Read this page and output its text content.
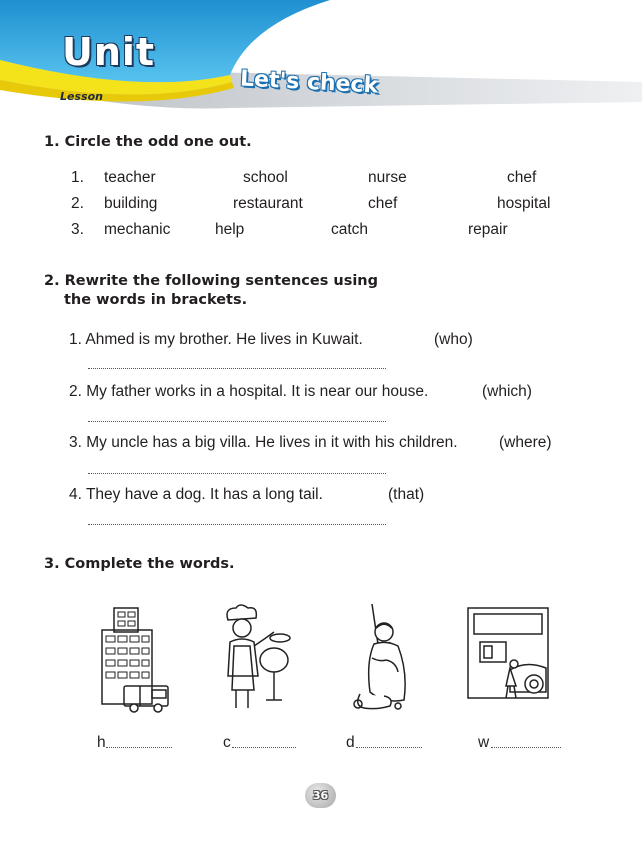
Unit
Lesson	Let's check
1. Circle the odd one out.
1. teacher	school	nurse	chef
2. building	restaurant	chef	hospital
3. mechanic	help	catch	repair
2. Rewrite the following sentences using
the words in brackets.
1. Ahmed is my brother. He lives in Kuwait.	(who)
2. My father works in a hospital. It is near our house.	(which)
3. My uncle has a big villa. He lives in it with his children.	(where)
4. They have a dog. It has a long tail.	(that)
3. Complete the words.
h	c	d	w
36
